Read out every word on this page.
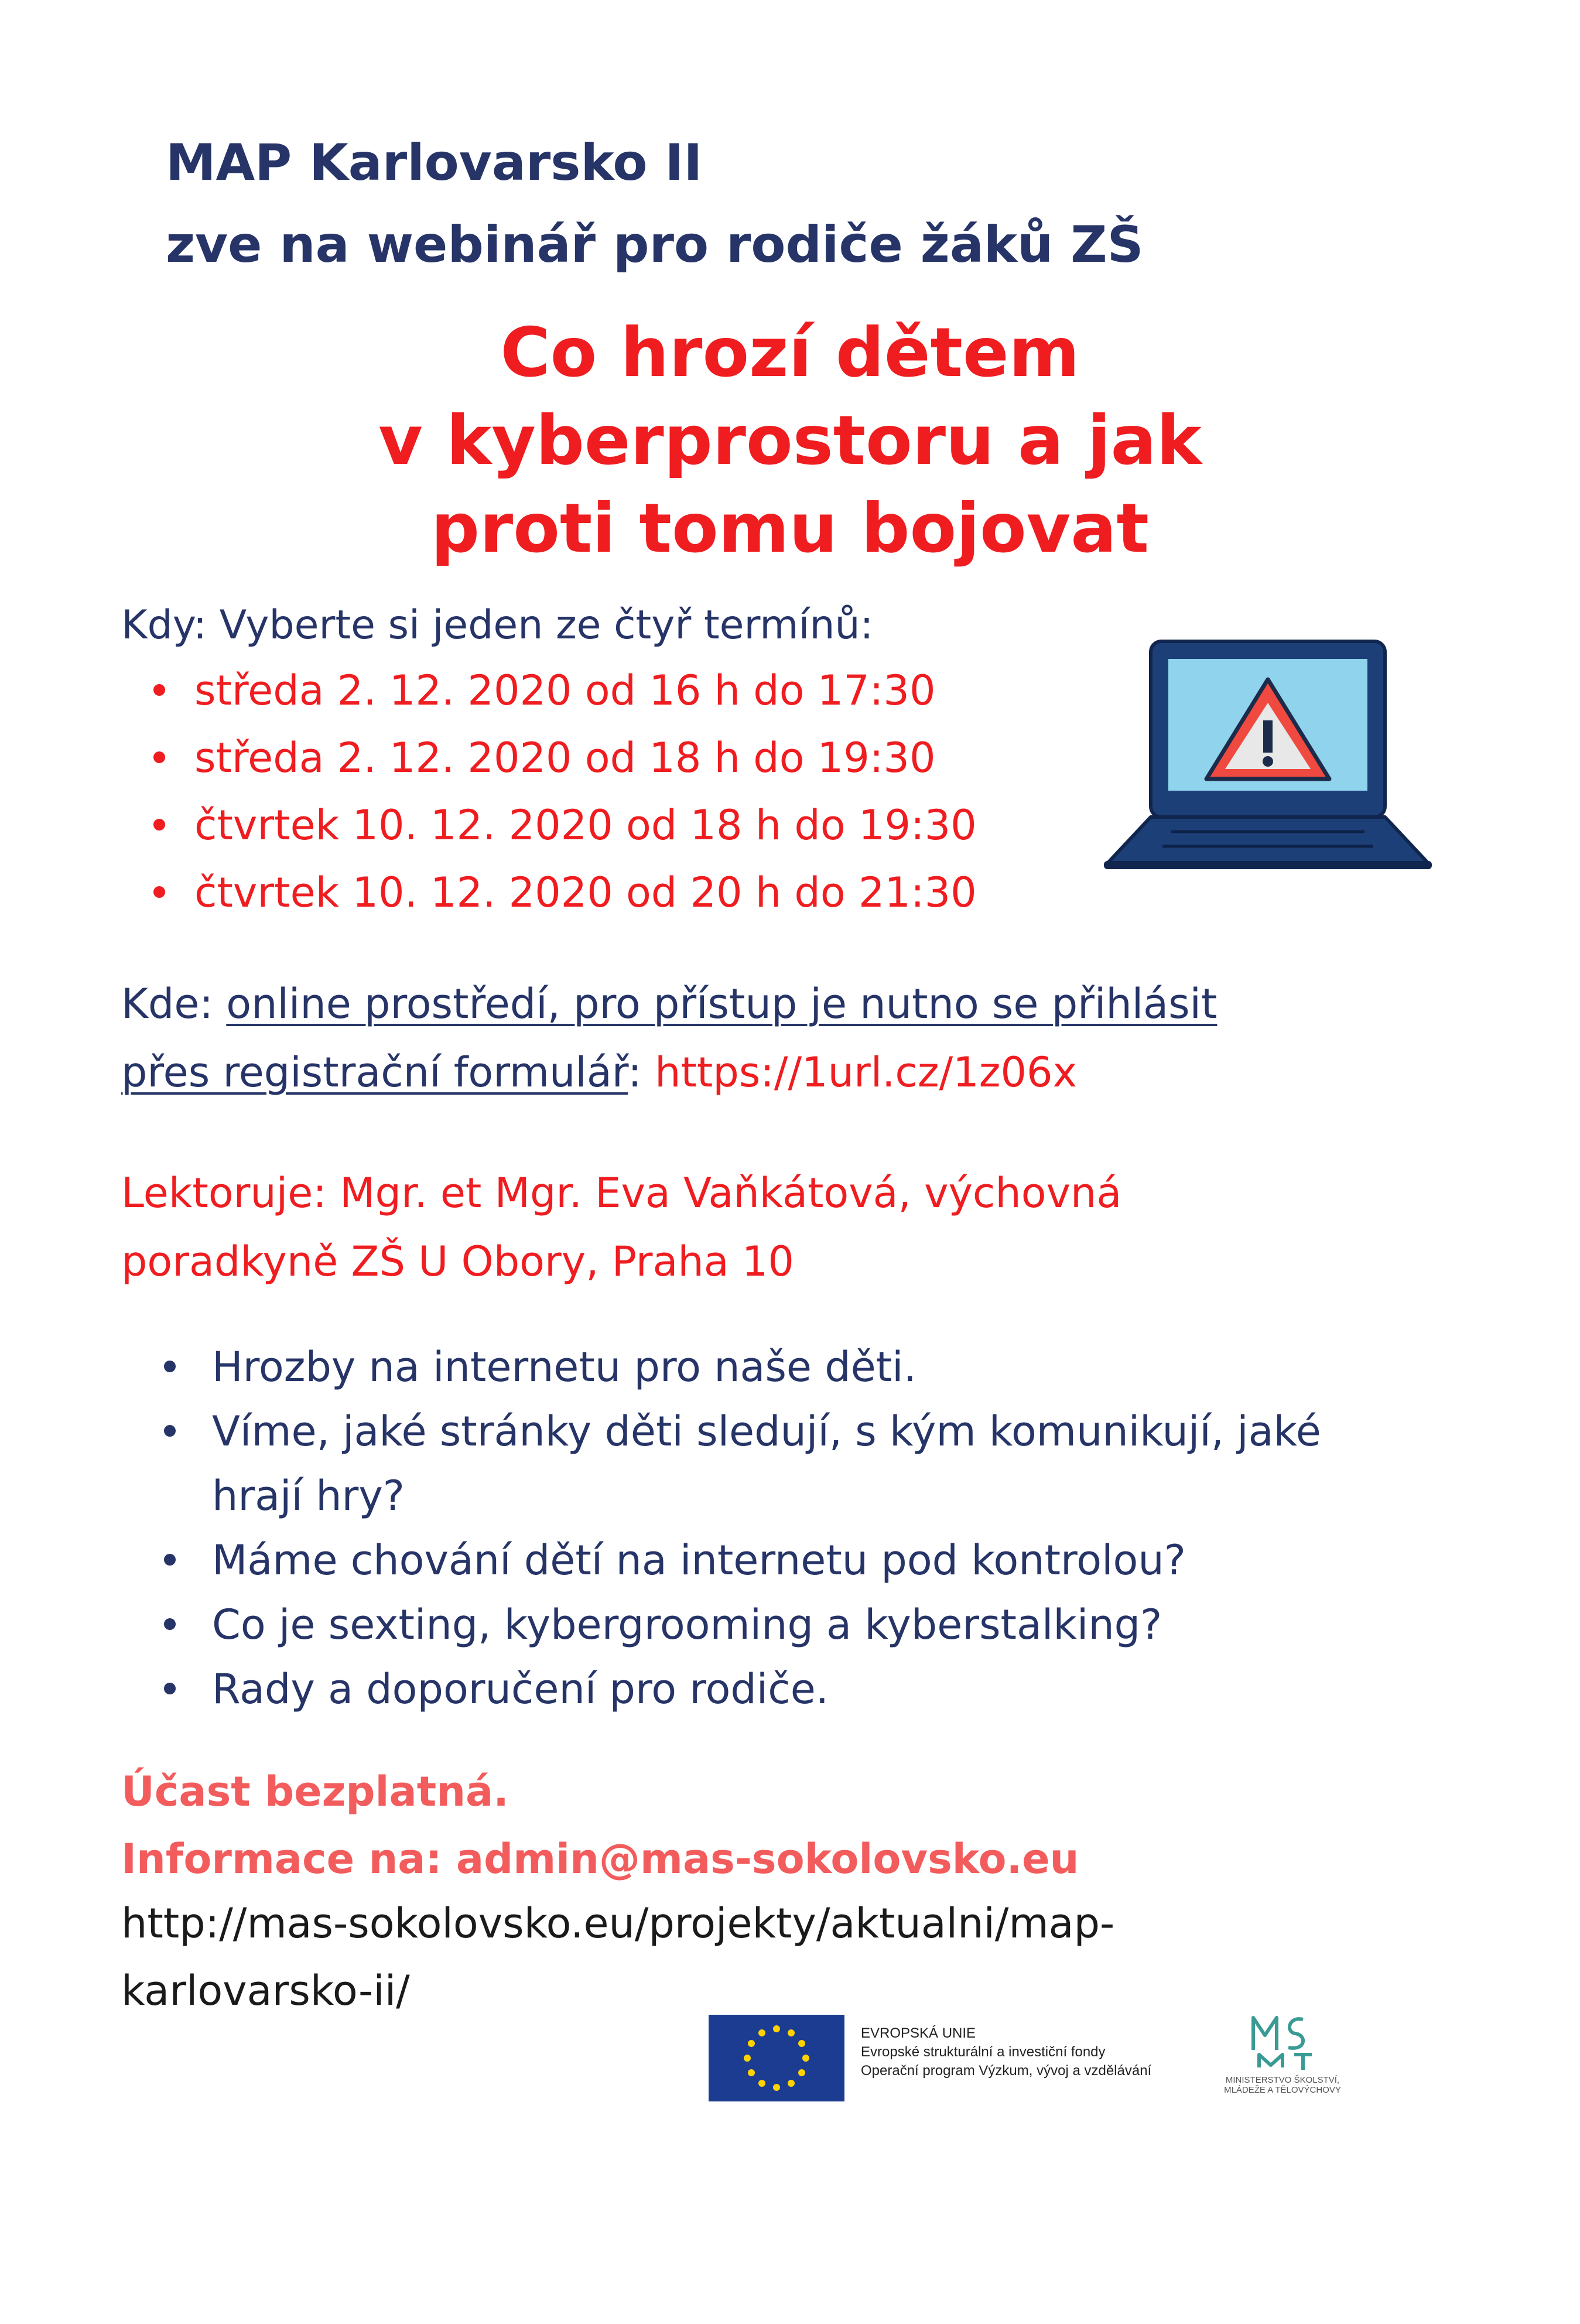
MAP Karlovarsko II
zve na webinář pro rodiče žáků ZŠ
Co hrozí dětem
v kyberprostoru a jak
proti tomu bojovat
Kdy: Vyberte si jeden ze čtyř termínů:
středa 2. 12. 2020 od 16 h do 17:30
středa 2. 12. 2020 od 18 h do 19:30
čtvrtek 10. 12. 2020 od 18 h do 19:30
čtvrtek 10. 12. 2020 od 20 h do 21:30
Kde: online prostředí, pro přístup je nutno se přihlásit
přes registrační formulář: https://1url.cz/1z06x
Lektoruje: Mgr. et Mgr. Eva Vaňkátová, výchovná
poradkyně ZŠ U Obory, Praha 10
Hrozby na internetu pro naše děti.
Víme, jaké stránky děti sledují, s kým komunikují, jaké
hrají hry?
Máme chování dětí na internetu pod kontrolou?
Co je sexting, kybergrooming a kyberstalking?
Rady a doporučení pro rodiče.
Účast bezplatná.
Informace na: admin@mas-sokolovsko.eu
http://mas-sokolovsko.eu/projekty/aktualni/map-
karlovarsko-ii/
EVROPSKÁ UNIE
Evropské strukturální a investiční fondy
Operační program Výzkum, vývoj a vzdělávání
MINISTERSTVO ŠKOLSTVÍ,
MLÁDEŽE A TĚLOVÝCHOVY
